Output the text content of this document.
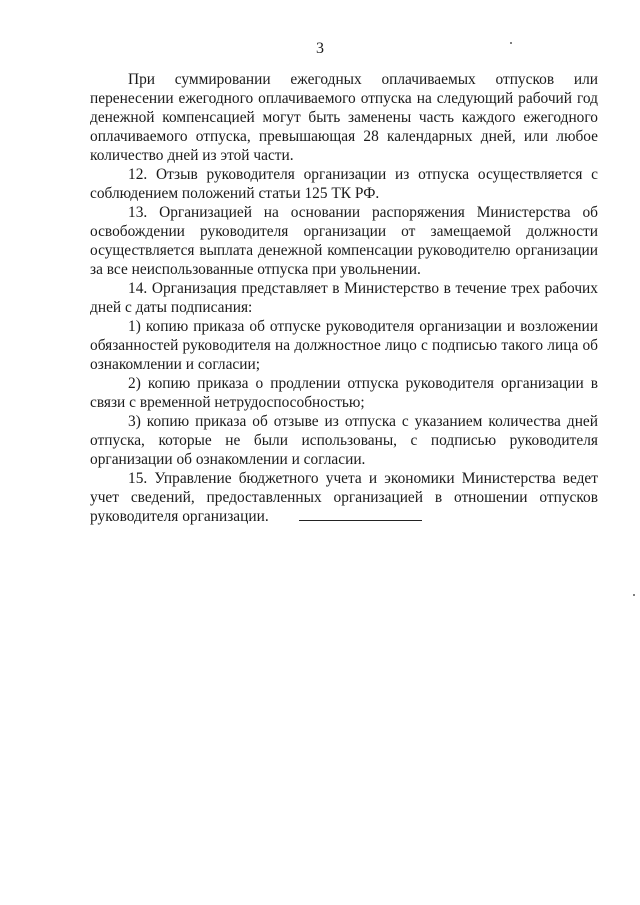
3

При суммировании ежегодных оплачиваемых отпусков или перенесении ежегодного оплачиваемого отпуска на следующий рабочий год денежной компенсацией могут быть заменены часть каждого ежегодного оплачиваемого отпуска, превышающая 28 календарных дней, или любое количество дней из этой части.

12. Отзыв руководителя организации из отпуска осуществляется с соблюдением положений статьи 125 ТК РФ.

13. Организацией на основании распоряжения Министерства об освобождении руководителя организации от замещаемой должности осуществляется выплата денежной компенсации руководителю организации за все неиспользованные отпуска при увольнении.

14. Организация представляет в Министерство в течение трех рабочих дней с даты подписания:

1) копию приказа об отпуске руководителя организации и возложении обязанностей руководителя на должностное лицо с подписью такого лица об ознакомлении и согласии;

2) копию приказа о продлении отпуска руководителя организации в связи с временной нетрудоспособностью;

3) копию приказа об отзыве из отпуска с указанием количества дней отпуска, которые не были использованы, с подписью руководителя организации об ознакомлении и согласии.

15. Управление бюджетного учета и экономики Министерства ведет учет сведений, предоставленных организацией в отношении отпусков руководителя организации.
